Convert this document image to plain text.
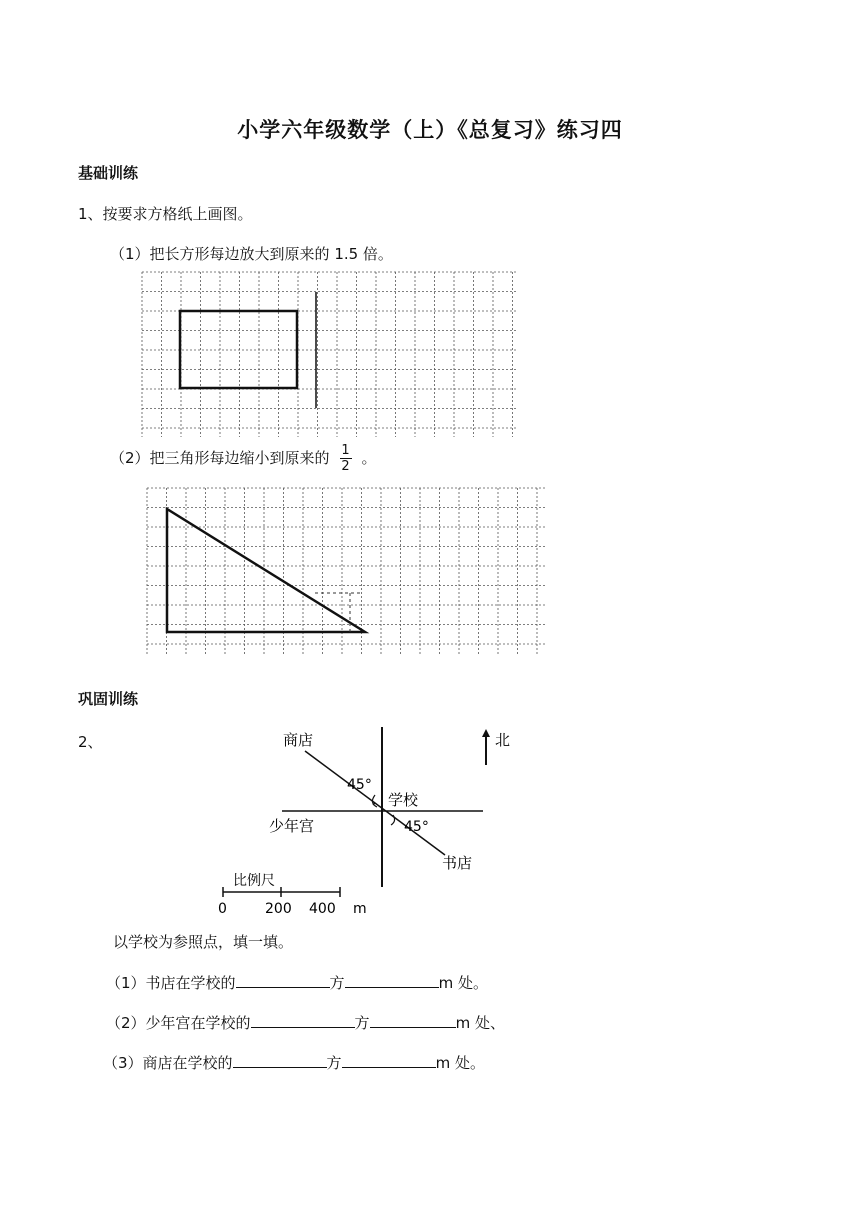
小学六年级数学（上）《总复习》练习四
基础训练
1、按要求方格纸上画图。
（1）把长方形每边放大到原来的 1.5 倍。
（2）把三角形每边缩小到原来的 $\frac{1}{2}$ 。
巩固训练
2、	商店
45°
学校
45°
少年宫
书店
北
比例尺
0	200 400 m
以学校为参照点，填一填。
（1）书店在学校的	方	m 处。
（2）少年宫在学校的	方	m 处、
（3）商店在学校的	方	m 处。
